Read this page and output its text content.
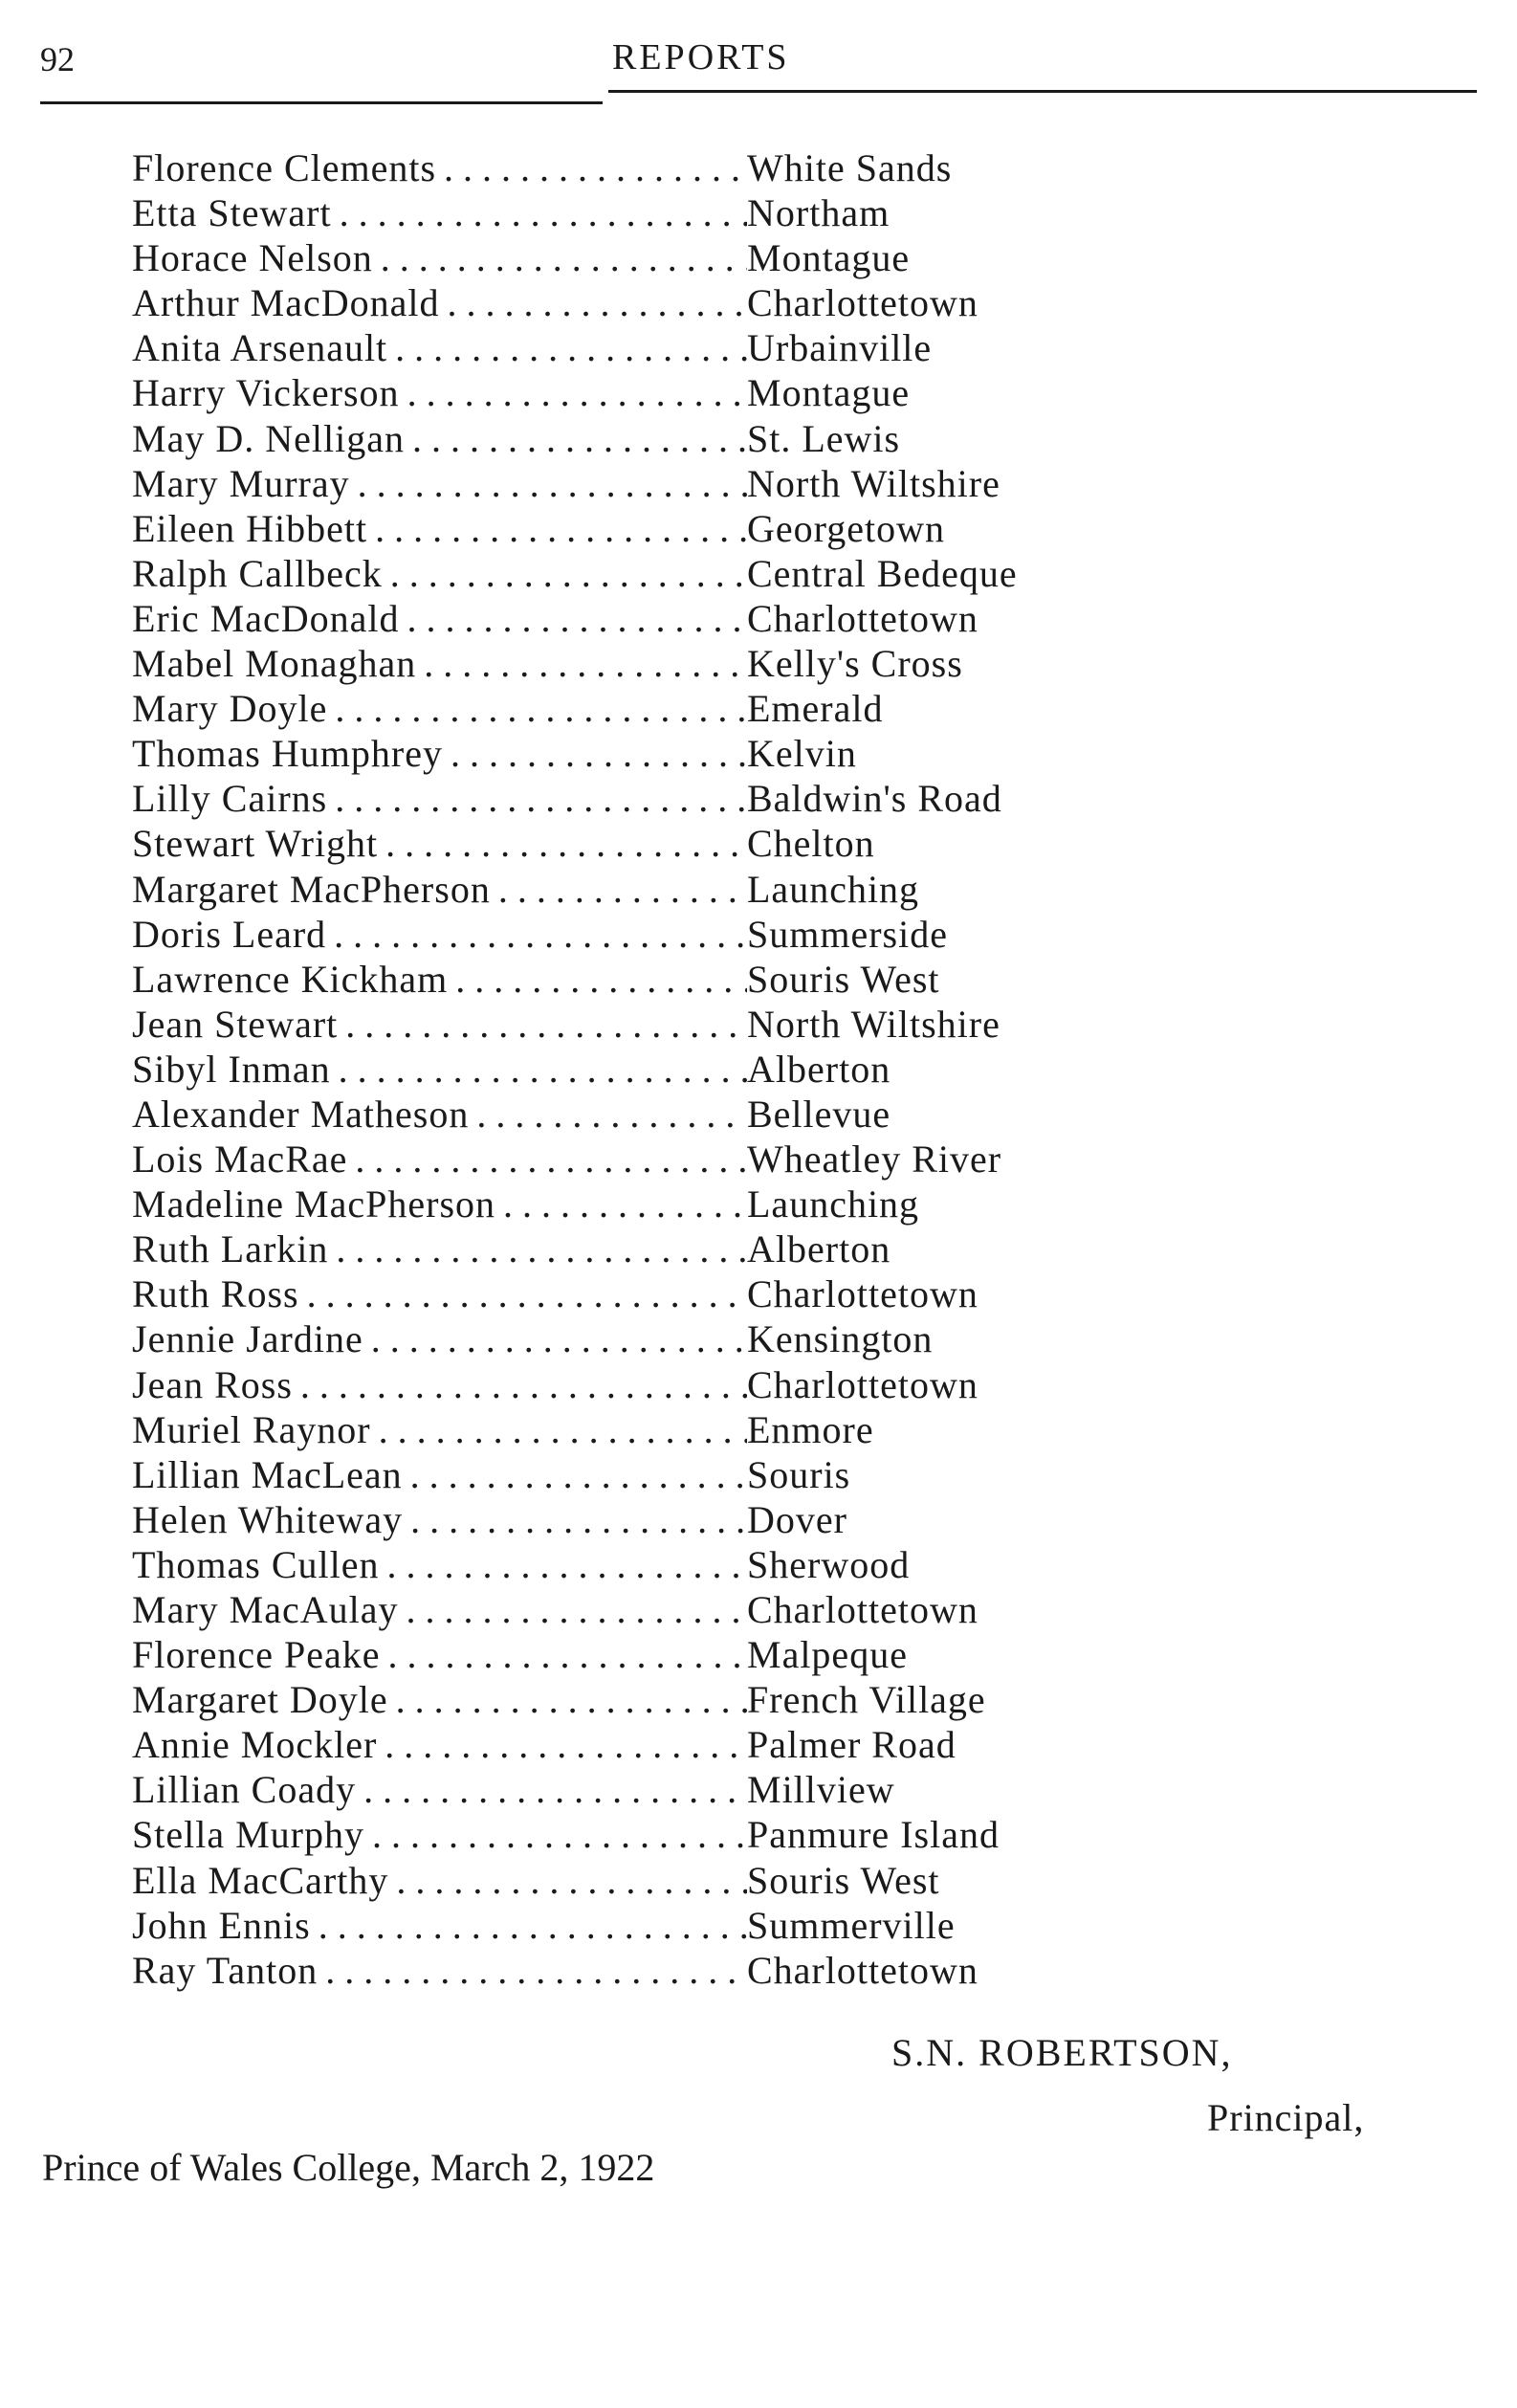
92	REPORTS
Florence Clements . . .	White Sands
Etta Stewart . . .	Northam
Horace Nelson . . .	Montague
Arthur MacDonald . . .	Charlottetown
Anita Arsenault . . .	Urbainville
Harry Vickerson . . .	Montague
May D. Nelligan . . .	St. Lewis
Mary Murray . . .	North Wiltshire
Eileen Hibbett . . .	Georgetown
Ralph Callbeck . . .	Central Bedeque
Eric MacDonald . . .	Charlottetown
Mabel Monaghan . . .	Kelly's Cross
Mary Doyle . . .	Emerald
Thomas Humphrey . . .	Kelvin
Lilly Cairns . . .	Baldwin's Road
Stewart Wright . . .	Chelton
Margaret MacPherson . . .	Launching
Doris Leard . . .	Summerside
Lawrence Kickham . . .	Souris West
Jean Stewart . . .	North Wiltshire
Sibyl Inman . . .	Alberton
Alexander Matheson . . .	Bellevue
Lois MacRae . . .	Wheatley River
Madeline MacPherson . . .	Launching
Ruth Larkin . . .	Alberton
Ruth Ross . . .	Charlottetown
Jennie Jardine . . .	Kensington
Jean Ross . . .	Charlottetown
Muriel Raynor . . .	Enmore
Lillian MacLean . . .	Souris
Helen Whiteway . . .	Dover
Thomas Cullen . . .	Sherwood
Mary MacAulay . . .	Charlottetown
Florence Peake . . .	Malpeque
Margaret Doyle . . .	French Village
Annie Mockler . . .	Palmer Road
Lillian Coady . . .	Millview
Stella Murphy . . .	Panmure Island
Ella MacCarthy . . .	Souris West
John Ennis . . .	Summerville
Ray Tanton . . .	Charlottetown
S.N. ROBERTSON,
Principal,
Prince of Wales College, March 2, 1922
